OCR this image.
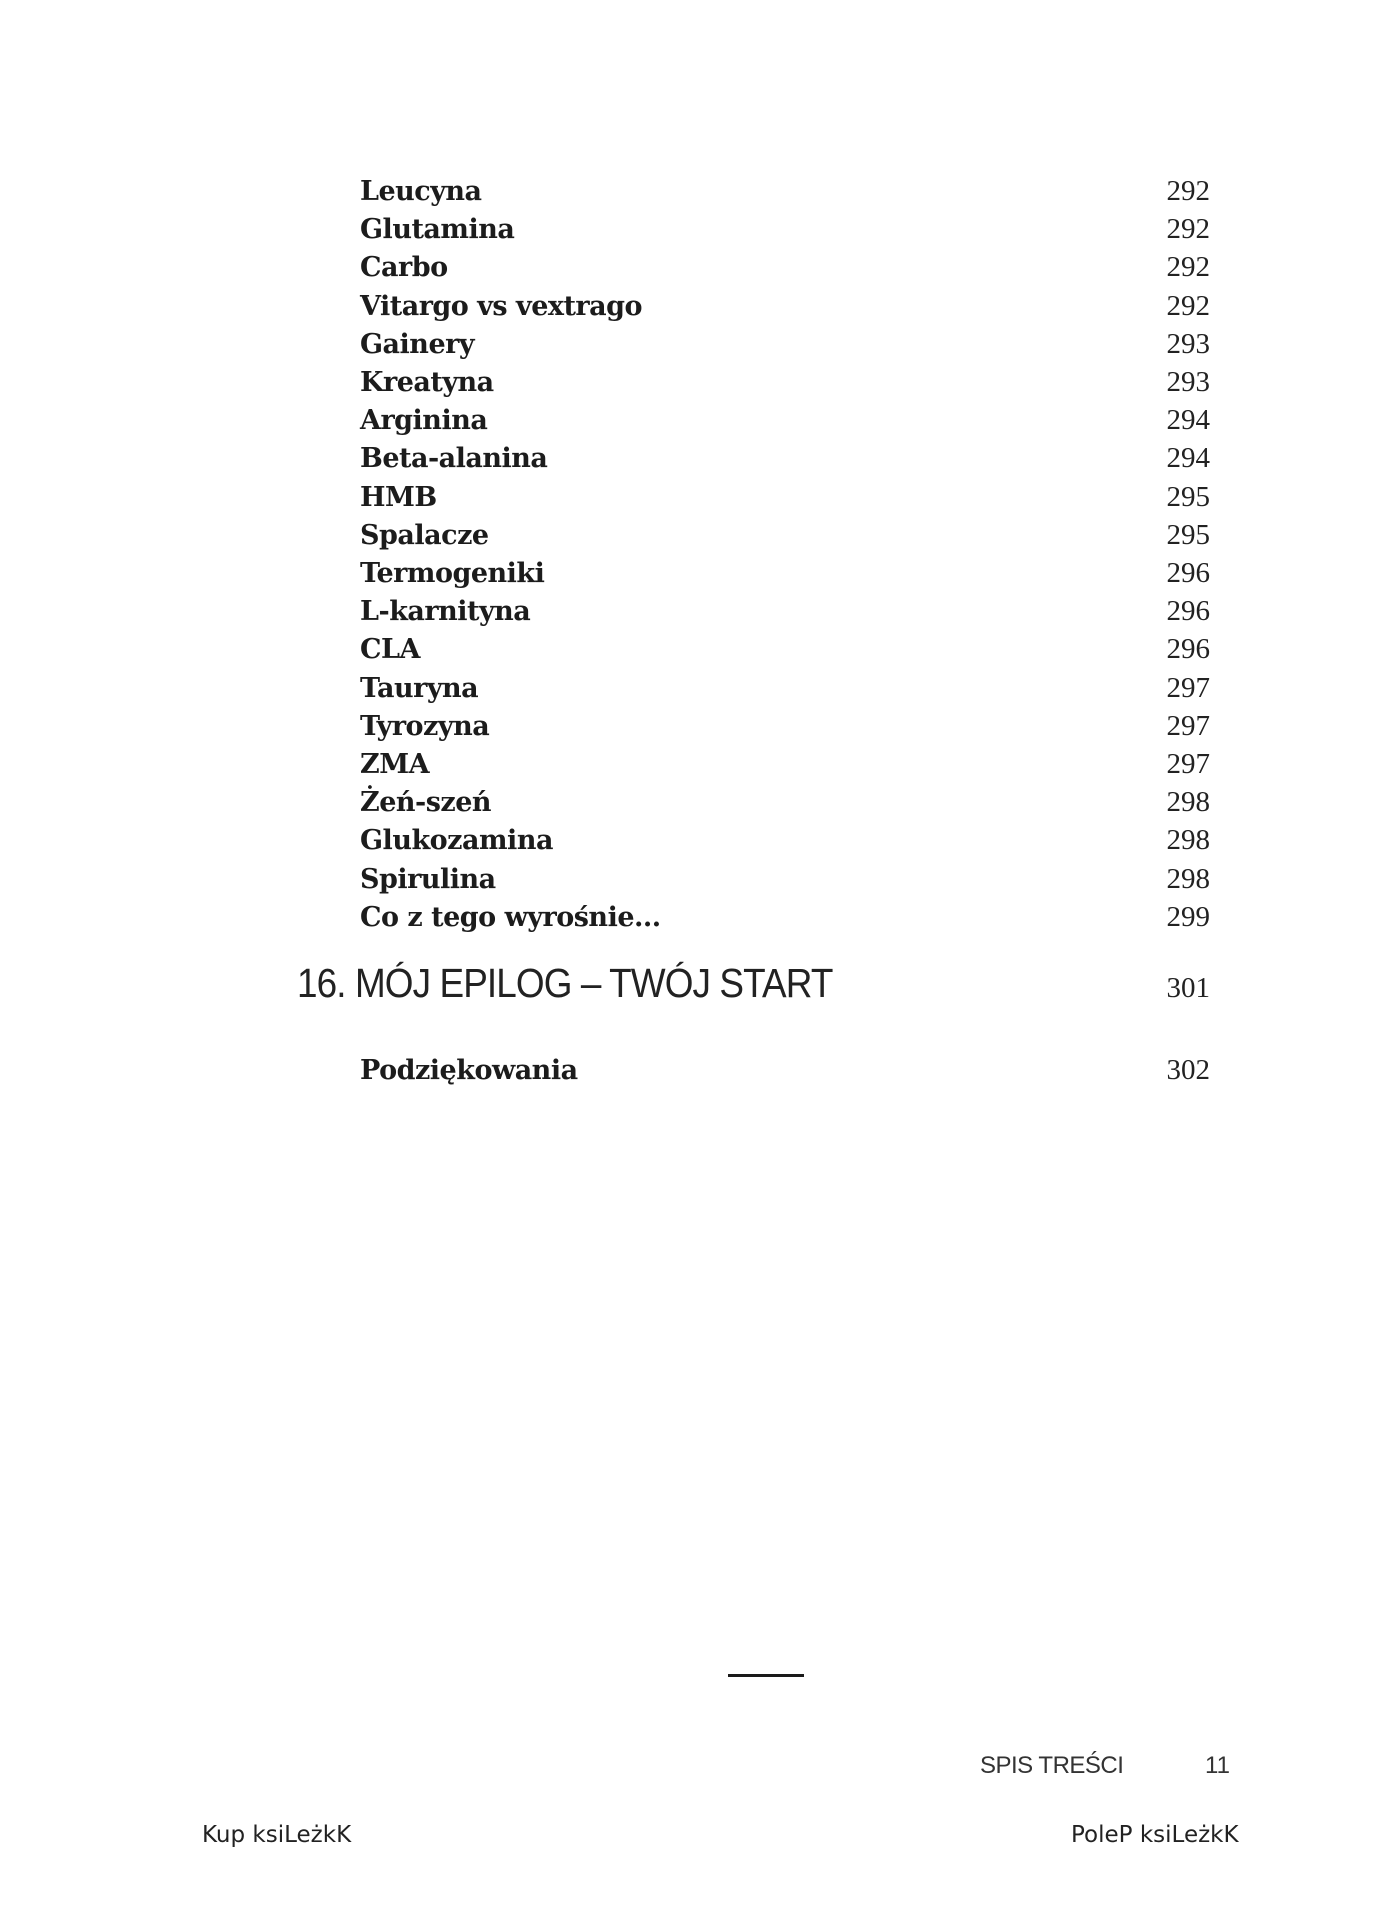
Leucyna	292
Glutamina	292
Carbo	292
Vitargo vs vextrago	292
Gainery	293
Kreatyna	293
Arginina	294
Beta-alanina	294
HMB	295
Spalacze	295
Termogeniki	296
L-karnityna	296
CLA	296
Tauryna	297
Tyrozyna	297
ZMA	297
Żeń-szeń	298
Glukozamina	298
Spirulina	298
Co z tego wyrośnie...	299
16. MÓJ EPILOG – TWÓJ START	301
Podziękowania	302
SPIS TREŚCI	11
Kup ksiLeżkK	PoleP ksiLeżkK
